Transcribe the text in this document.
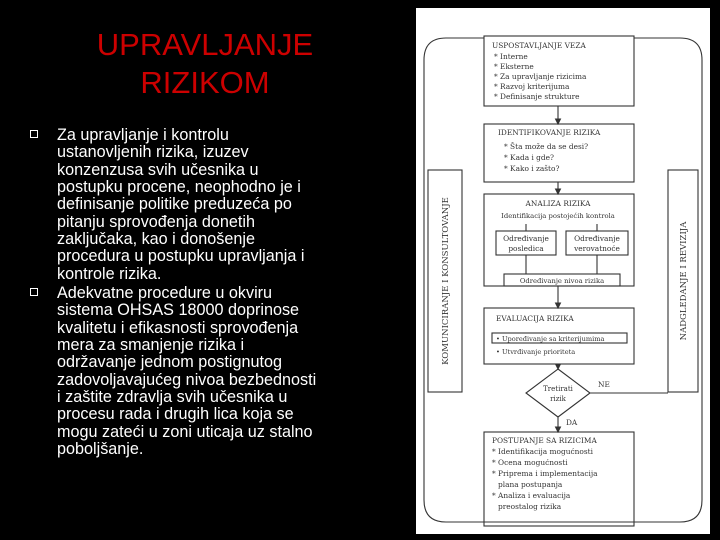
UPRAVLJANJE
RIZIKOM
Za upravljanje i kontrolu
ustanovljenih rizika, izuzev
konzenzusa svih učesnika u
postupku procene, neophodno je i
definisanje politike preduzeća po
pitanju sprovođenja donetih
zaključaka, kao i donošenje
procedura u postupku upravljanja i
kontrole rizika.
Adekvatne procedure u okviru
sistema OHSAS 18000 doprinose
kvalitetu i efikasnosti sprovođenja
mera za smanjenje rizika i
održavanje jednom postignutog
zadovoljavajućeg nivoa bezbednosti
i zaštite zdravlja svih učesnika u
procesu rada i drugih lica koja se
mogu zateći u zoni uticaja uz stalno
poboljšanje.
KOMUNICIRANJE I KONSULTOVANJE	NADGLEDANJE I REVIZIJA
USPOSTAVLJANJE VEZA
* Interne
* Eksterne
* Za upravljanje rizicima
* Razvoj kriterijuma
* Definisanje strukture
IDENTIFIKOVANJE RIZIKA
* Šta može da se desi?
* Kada i gde?
* Kako i zašto?
ANALIZA RIZIKA
Identifikacija postojećih kontrola
Određivanje
posledica
Određivanje
verovatnoće
Određivanje nivoa rizika
EVALUACIJA RIZIKA
• Upoređivanje sa kriterijumima
• Utvrđivanje prioriteta
Tretirati
rizik
NE
DA
POSTUPANJE SA RIZICIMA
* Identifikacija mogućnosti
* Ocena mogućnosti
* Priprema i implementacija
plana postupanja
* Analiza i evaluacija
preostalog rizika
